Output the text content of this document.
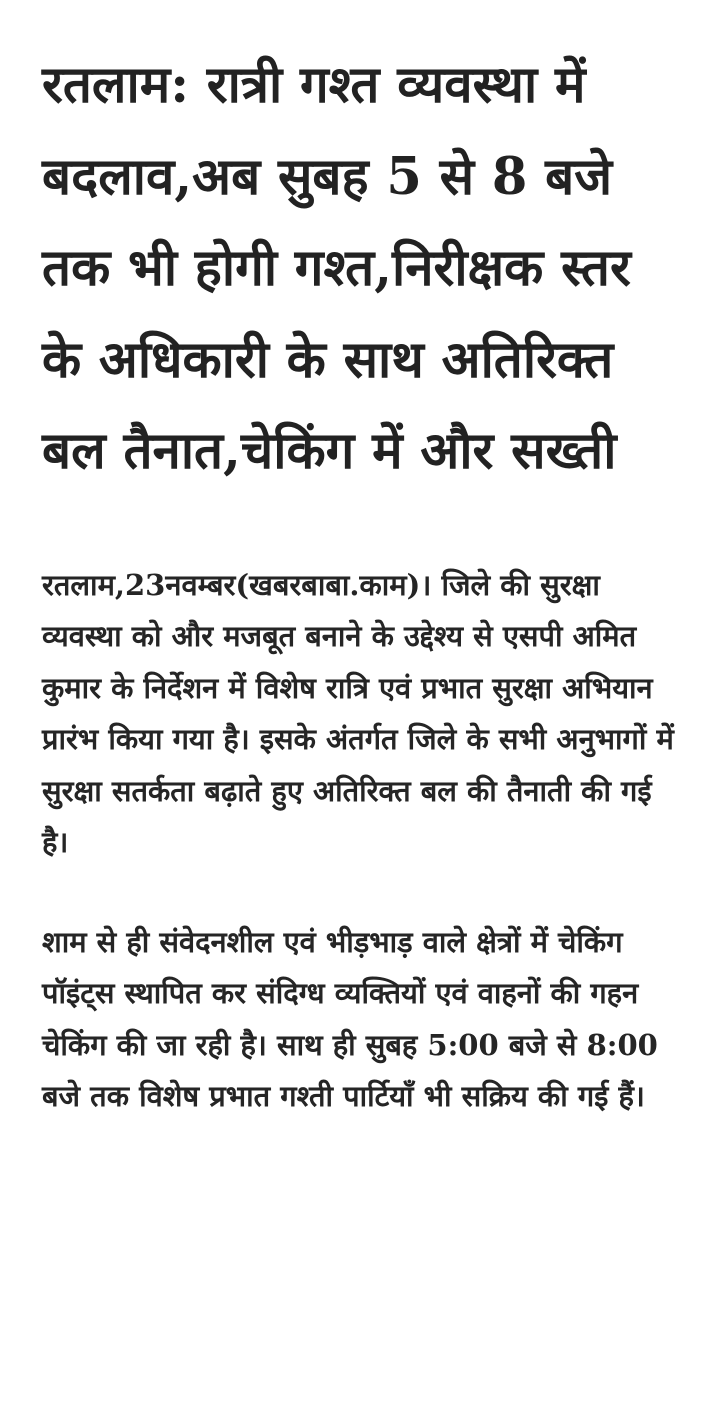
रतलाम: रात्री गश्त व्यवस्था में बदलाव,अब सुबह 5 से 8 बजे तक भी होगी गश्त,निरीक्षक स्तर के अधिकारी के साथ अतिरिक्त बल तैनात,चेकिंग में और सख्ती

रतलाम,23नवम्बर(खबरबाबा.काम)। जिले की सुरक्षा व्यवस्था को और मजबूत बनाने के उद्देश्य से एसपी अमित कुमार के निर्देशन में विशेष रात्रि एवं प्रभात सुरक्षा अभियान प्रारंभ किया गया है। इसके अंतर्गत जिले के सभी अनुभागों में सुरक्षा सतर्कता बढ़ाते हुए अतिरिक्त बल की तैनाती की गई है।

शाम से ही संवेदनशील एवं भीड़भाड़ वाले क्षेत्रों में चेकिंग पॉइंट्स स्थापित कर संदिग्ध व्यक्तियों एवं वाहनों की गहन चेकिंग की जा रही है। साथ ही सुबह 5:00 बजे से 8:00 बजे तक विशेष प्रभात गश्ती पार्टियाँ भी सक्रिय की गई हैं।
